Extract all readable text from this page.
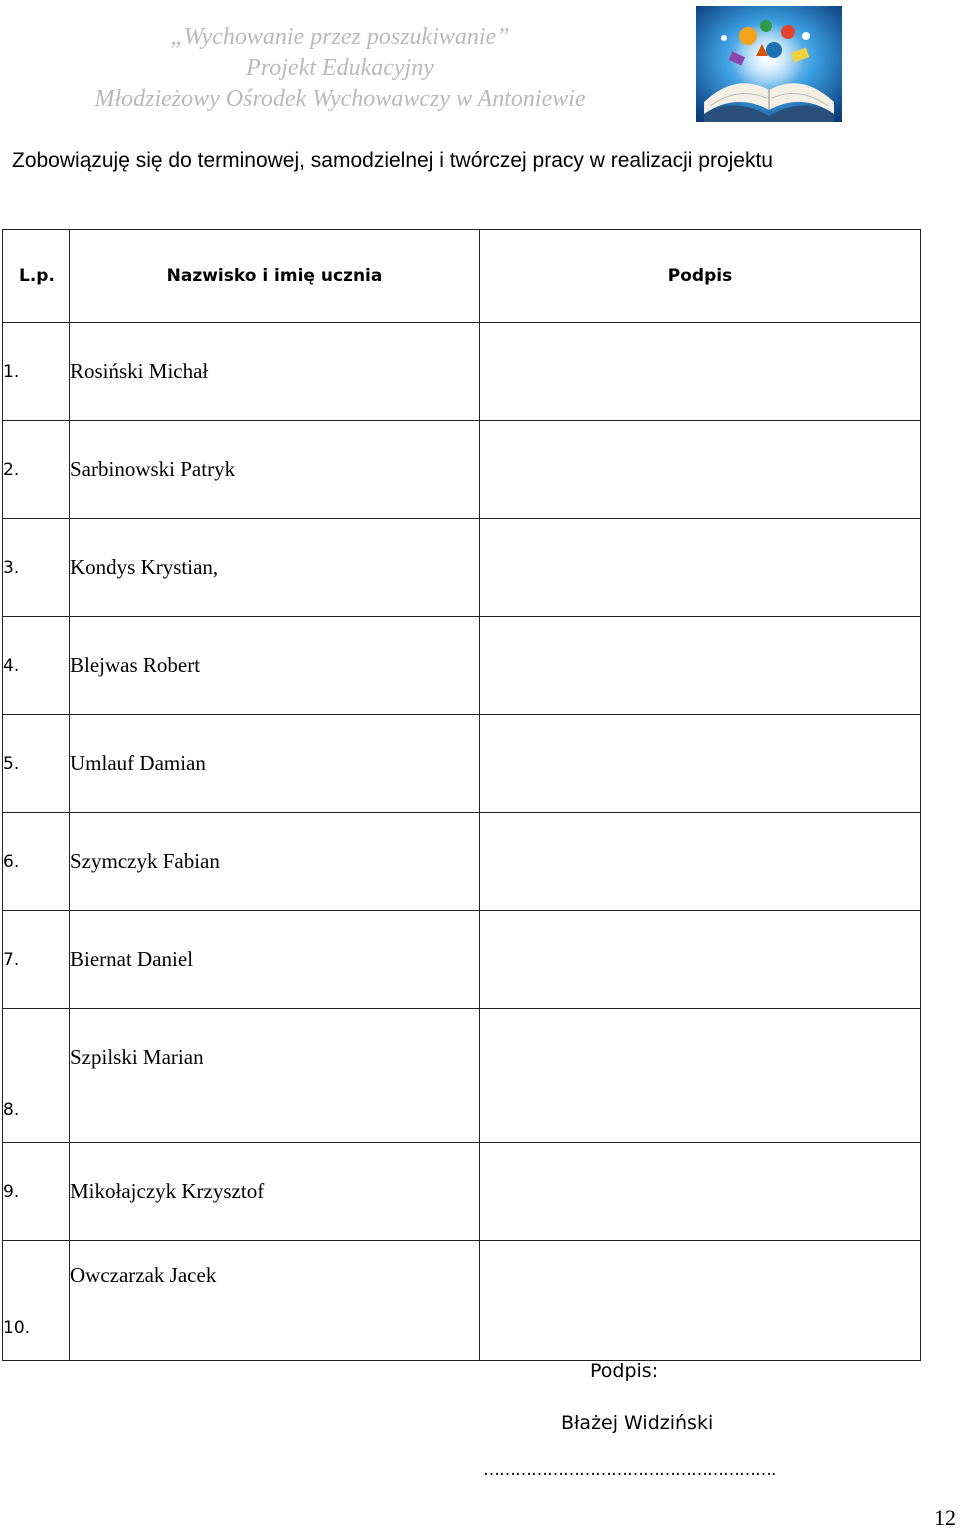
„Wychowanie przez poszukiwanie”
Projekt Edukacyjny
Młodzieżowy Ośrodek Wychowawczy w Antoniewie
Zobowiązuję się do terminowej, samodzielnej i twórczej pracy w realizacji projektu
L.p.	Nazwisko i imię ucznia	Podpis
1.	Rosiński Michał	
2.	Sarbinowski Patryk	
3.	Kondys Krystian,	
4.	Blejwas Robert	
5.	Umlauf Damian	
6.	Szymczyk Fabian	
7.	Biernat Daniel	
8.	Szpilski Marian	
9.	Mikołajczyk Krzysztof	
10.	Owczarzak Jacek	
Podpis:
Błażej Widziński
……………………………………………….
12
